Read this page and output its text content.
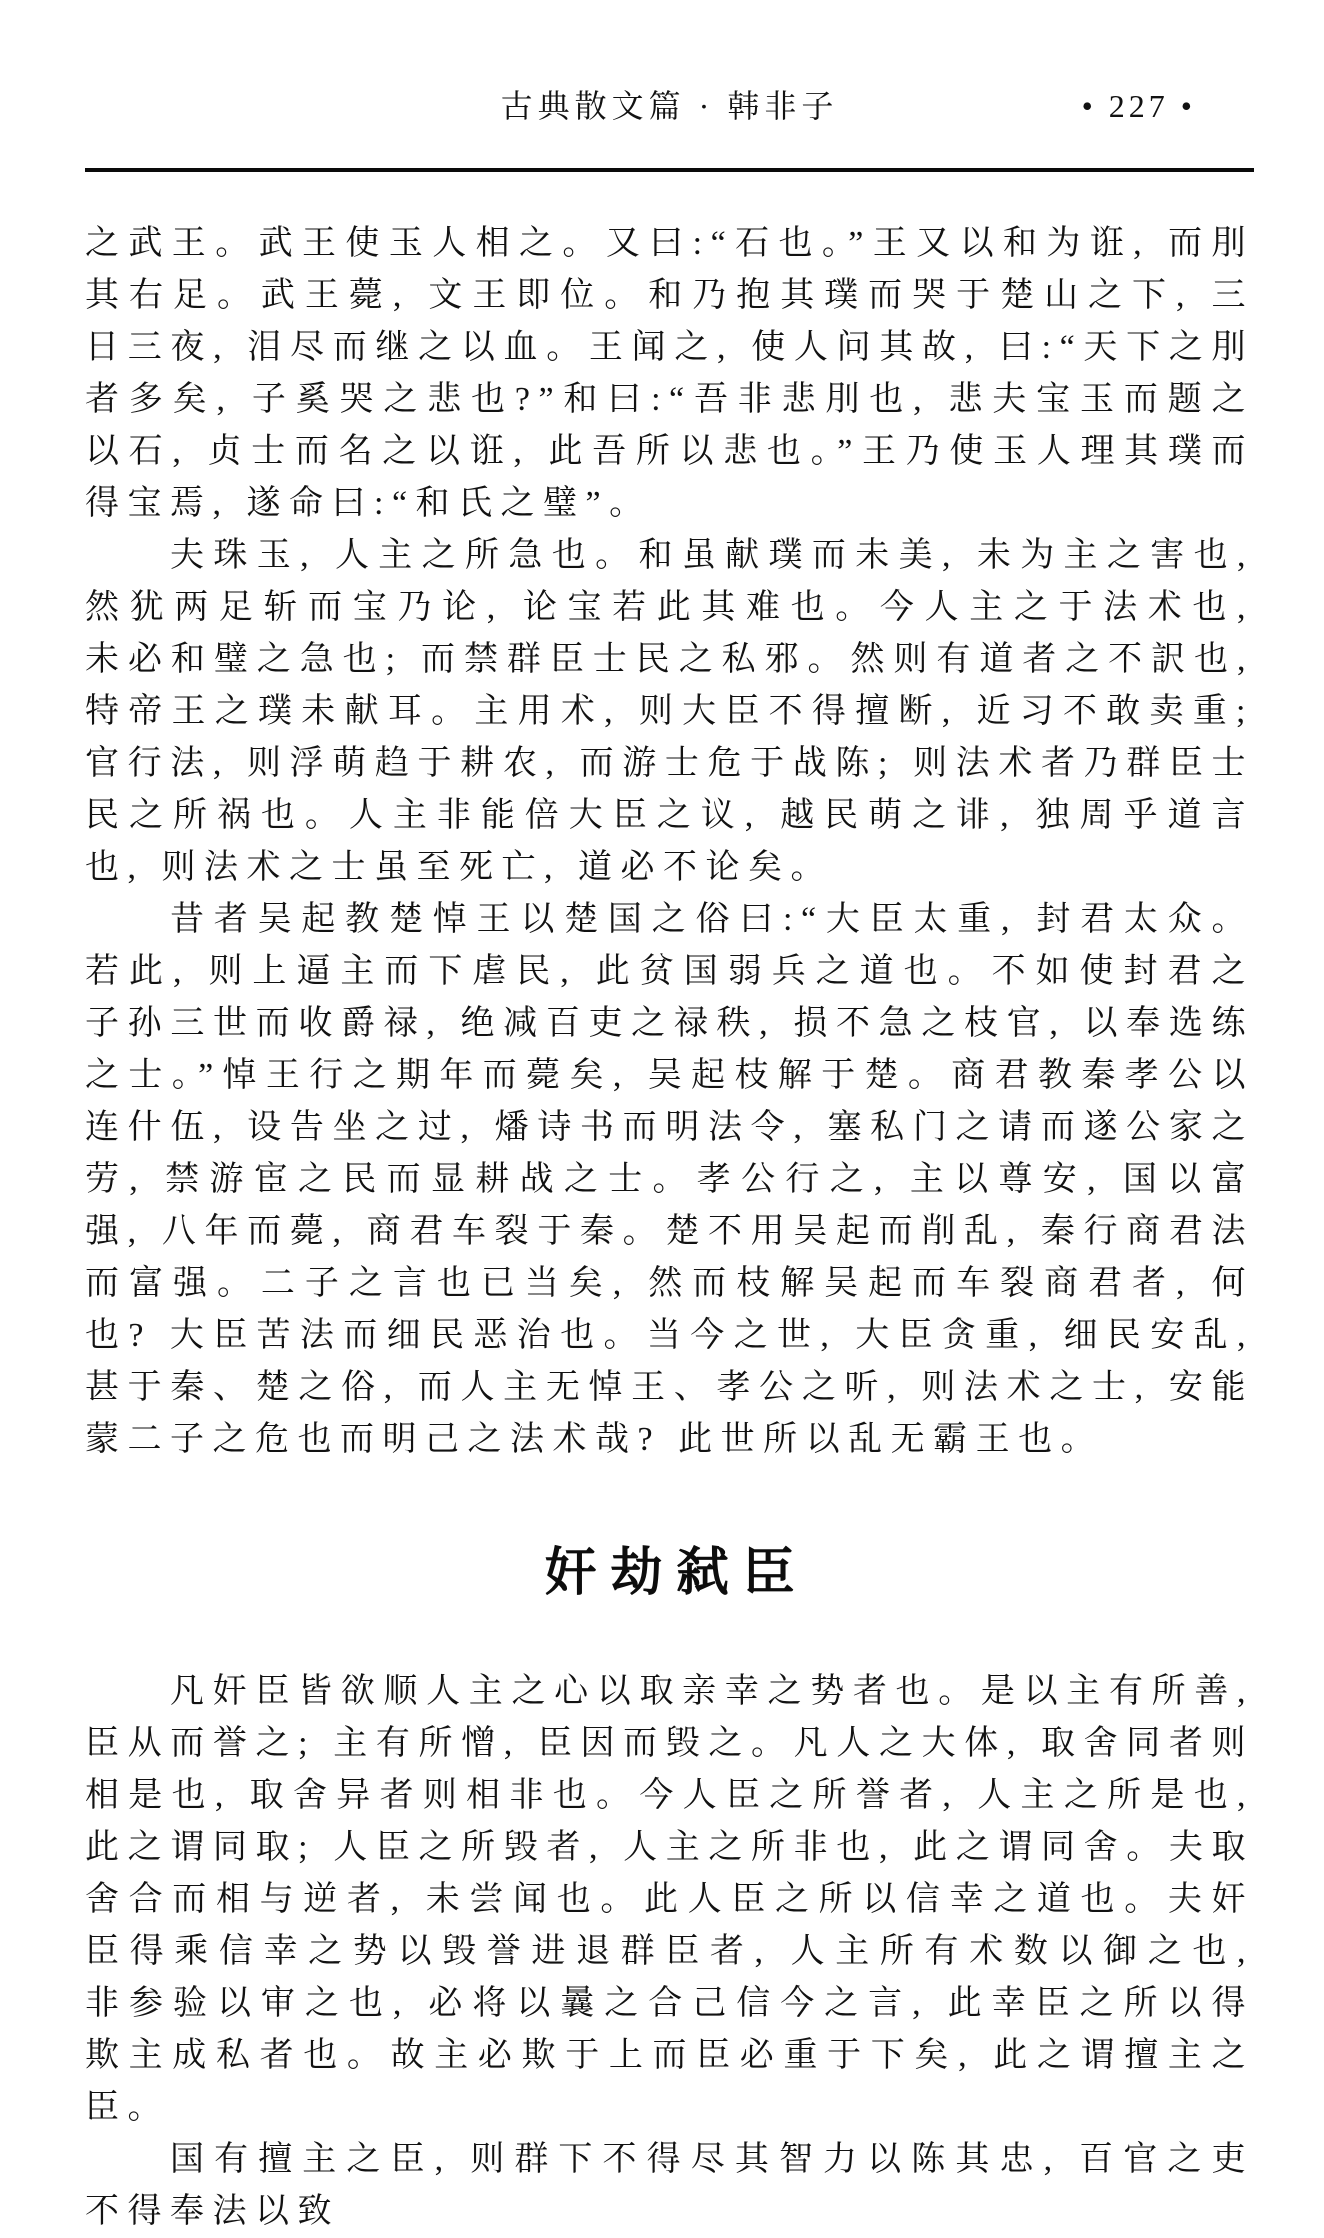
古典散文篇 · 韩非子	• 227 •

之武王。武王使玉人相之。又曰:“石也。”王又以和为诳, 而刖其右足。武王薨, 文王即位。和乃抱其璞而哭于楚山之下, 三日三夜, 泪尽而继之以血。王闻之, 使人问其故, 曰:“天下之刖者多矣, 子奚哭之悲也?”和曰:“吾非悲刖也, 悲夫宝玉而题之以石, 贞士而名之以诳, 此吾所以悲也。”王乃使玉人理其璞而得宝焉, 遂命曰:“和氏之璧”。

夫珠玉, 人主之所急也。和虽献璞而未美, 未为主之害也, 然犹两足斩而宝乃论, 论宝若此其难也。今人主之于法术也, 未必和璧之急也; 而禁群臣士民之私邪。然则有道者之不訳也, 特帝王之璞未献耳。主用术, 则大臣不得擅断, 近习不敢卖重; 官行法, 则浮萌趋于耕农, 而游士危于战陈; 则法术者乃群臣士民之所祸也。人主非能倍大臣之议, 越民萌之诽, 独周乎道言也, 则法术之士虽至死亡, 道必不论矣。

昔者吴起教楚悼王以楚国之俗曰:“大臣太重, 封君太众。若此, 则上逼主而下虐民, 此贫国弱兵之道也。不如使封君之子孙三世而收爵禄, 绝减百吏之禄秩, 损不急之枝官, 以奉选练之士。”悼王行之期年而薨矣, 吴起枝解于楚。商君教秦孝公以连什伍, 设告坐之过, 燔诗书而明法令, 塞私门之请而遂公家之劳, 禁游宦之民而显耕战之士。孝公行之, 主以尊安, 国以富强, 八年而薨, 商君车裂于秦。楚不用吴起而削乱, 秦行商君法而富强。二子之言也已当矣, 然而枝解吴起而车裂商君者, 何也? 大臣苦法而细民恶治也。当今之世, 大臣贪重, 细民安乱, 甚于秦、楚之俗, 而人主无悼王、孝公之听, 则法术之士, 安能蒙二子之危也而明己之法术哉? 此世所以乱无霸王也。

奸劫弑臣

凡奸臣皆欲顺人主之心以取亲幸之势者也。是以主有所善, 臣从而誉之; 主有所憎, 臣因而毁之。凡人之大体, 取舍同者则相是也, 取舍异者则相非也。今人臣之所誉者, 人主之所是也, 此之谓同取; 人臣之所毁者, 人主之所非也, 此之谓同舍。夫取舍合而相与逆者, 未尝闻也。此人臣之所以信幸之道也。夫奸臣得乘信幸之势以毁誉进退群臣者, 人主所有术数以御之也, 非参验以审之也, 必将以曩之合己信今之言, 此幸臣之所以得欺主成私者也。故主必欺于上而臣必重于下矣, 此之谓擅主之臣。

国有擅主之臣, 则群下不得尽其智力以陈其忠, 百官之吏不得奉法以致
